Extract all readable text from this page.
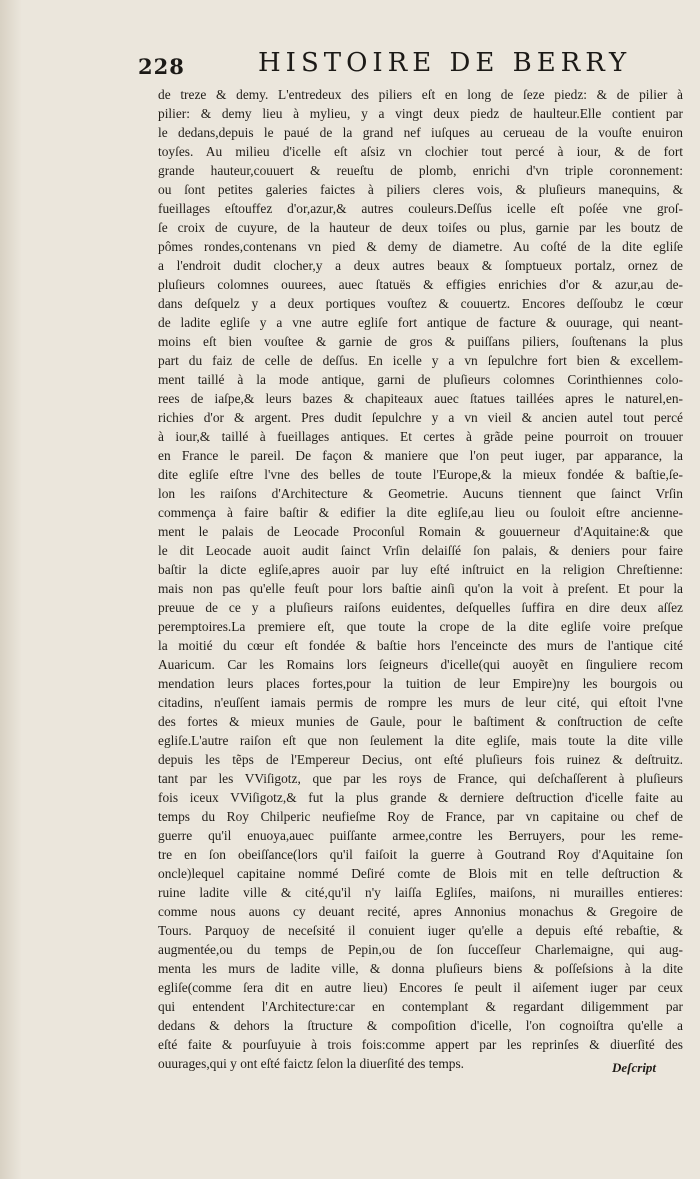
228	HISTOIRE DE BERRY
de treze & demy. L'entredeux des piliers eſt en long de ſeze piedz: & de pilier à
pilier: & demy lieu à mylieu, y a vingt deux piedz de haulteur.Elle contient par
le dedans,depuis le paué de la grand nef iuſques au cerueau de la vouſte enuiron
toyſes. Au milieu d'icelle eſt aſsiz vn clochier tout percé à iour, & de fort
grande hauteur,couuert & reueſtu de plomb, enrichi d'vn triple coronnement:
ou ſont petites galeries faictes à piliers cleres vois, & pluſieurs manequins, &
fueillages eſtouffez d'or,azur,& autres couleurs.Deſſus icelle eſt poſée vne groſ-
ſe croix de cuyure, de la hauteur de deux toiſes ou plus, garnie par les boutz de
pômes rondes,contenans vn pied & demy de diametre. Au coſté de la dite egliſe
a l'endroit dudit clocher,y a deux autres beaux & ſomptueux portalz, ornez de
pluſieurs colomnes ouurees, auec ſtatuës & effigies enrichies d'or & azur,au de-
dans deſquelz y a deux portiques vouſtez & couuertz. Encores deſſoubz le cœur
de ladite egliſe y a vne autre egliſe fort antique de facture & ouurage, qui neant-
moins eſt bien vouſtee & garnie de gros & puiſſans piliers, ſouſtenans la plus
part du faiz de celle de deſſus. En icelle y a vn ſepulchre fort bien & excellem-
ment taillé à la mode antique, garni de pluſieurs colomnes Corinthiennes colo-
rees de iaſpe,& leurs bazes & chapiteaux auec ſtatues taillées apres le naturel,en-
richies d'or & argent. Pres dudit ſepulchre y a vn vieil & ancien autel tout percé
à iour,& taillé à fueillages antiques. Et certes à grãde peine pourroit on trouuer
en France le pareil. De façon & maniere que l'on peut iuger, par apparance, la
dite egliſe eſtre l'vne des belles de toute l'Europe,& la mieux fondée & baſtie,ſe-
lon les raiſons d'Architecture & Geometrie. Aucuns tiennent que ſainct Vrſin
commença à faire baſtir & edifier la dite egliſe,au lieu ou ſouloit eſtre ancienne-
ment le palais de Leocade Proconſul Romain & gouuerneur d'Aquitaine:& que
le dit Leocade auoit audit ſainct Vrſin delaiſſé ſon palais, & deniers pour faire
baſtir la dicte egliſe,apres auoir par luy eſté inſtruict en la religion Chreſtienne:
mais non pas qu'elle feuſt pour lors baſtie ainſi qu'on la voit à preſent. Et pour la
preuue de ce y a pluſieurs raiſons euidentes, deſquelles ſuffira en dire deux aſſez
peremptoires.La premiere eſt, que toute la crope de la dite egliſe voire preſque
la moitié du cœur eſt fondée & baſtie hors l'enceincte des murs de l'antique cité
Auaricum. Car les Romains lors ſeigneurs d'icelle(qui auoyẽt en ſinguliere recom
mendation leurs places fortes,pour la tuition de leur Empire)ny les bourgois ou
citadins, n'euſſent iamais permis de rompre les murs de leur cité, qui eſtoit l'vne
des fortes & mieux munies de Gaule, pour le baſtiment & conſtruction de ceſte
egliſe.L'autre raiſon eſt que non ſeulement la dite egliſe, mais toute la dite ville
depuis les tẽps de l'Empereur Decius, ont eſté pluſieurs fois ruinez & deſtruitz.
tant par les VViſigotz, que par les roys de France, qui deſchaſſerent à pluſieurs
fois iceux VViſigotz,& fut la plus grande & derniere deſtruction d'icelle faite au
temps du Roy Chilperic neufieſme Roy de France, par vn capitaine ou chef de
guerre qu'il enuoya,auec puiſſante armee,contre les Berruyers, pour les reme-
tre en ſon obeiſſance(lors qu'il faiſoit la guerre à Goutrand Roy d'Aquitaine ſon
oncle)lequel capitaine nommé Deſiré comte de Blois mit en telle deſtruction &
ruine ladite ville & cité,qu'il n'y laiſſa Egliſes, maiſons, ni murailles entieres:
comme nous auons cy deuant recité, apres Annonius monachus & Gregoire de
Tours. Parquoy de neceſsité il conuient iuger qu'elle a depuis eſté rebaſtie, &
augmentée,ou du temps de Pepin,ou de ſon ſucceſſeur Charlemaigne, qui aug-
menta les murs de ladite ville, & donna pluſieurs biens & poſſeſsions à la dite
egliſe(comme ſera dit en autre lieu) Encores ſe peult il aiſement iuger par ceux
qui entendent l'Architecture:car en contemplant & regardant diligemment par
dedans & dehors la ſtructure & compoſition d'icelle, l'on cognoiſtra qu'elle a
eſté faite & pourſuyuie à trois fois:comme appert par les reprinſes & diuerſité des
ouurages,qui y ont eſté faictz ſelon la diuerſité des temps.	Deſcript
